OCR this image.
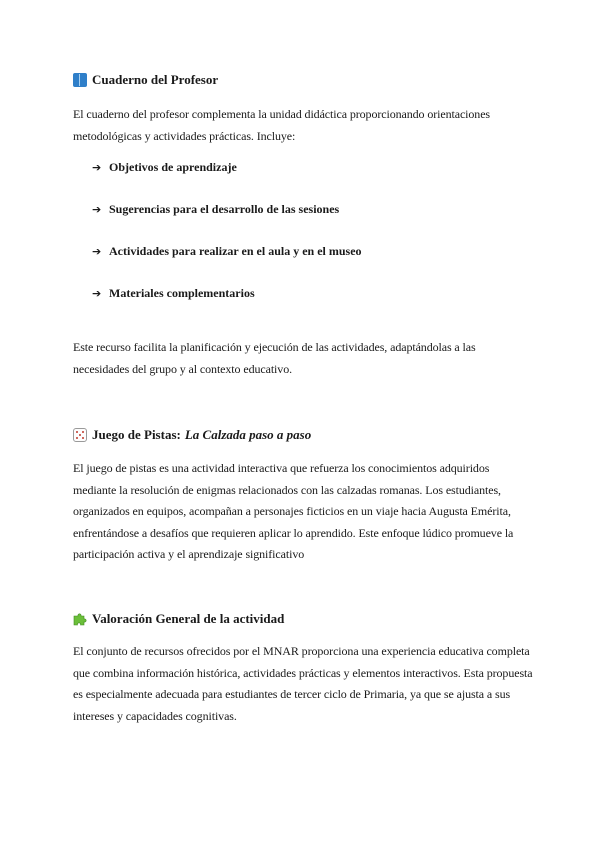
Cuaderno del Profesor

El cuaderno del profesor complementa la unidad didáctica proporcionando orientaciones metodológicas y actividades prácticas. Incluye:

➔ Objetivos de aprendizaje
➔ Sugerencias para el desarrollo de las sesiones
➔ Actividades para realizar en el aula y en el museo
➔ Materiales complementarios

Este recurso facilita la planificación y ejecución de las actividades, adaptándolas a las necesidades del grupo y al contexto educativo.

Juego de Pistas: La Calzada paso a paso

El juego de pistas es una actividad interactiva que refuerza los conocimientos adquiridos mediante la resolución de enigmas relacionados con las calzadas romanas. Los estudiantes, organizados en equipos, acompañan a personajes ficticios en un viaje hacia Augusta Emérita, enfrentándose a desafíos que requieren aplicar lo aprendido. Este enfoque lúdico promueve la participación activa y el aprendizaje significativo

Valoración General de la actividad

El conjunto de recursos ofrecidos por el MNAR proporciona una experiencia educativa completa que combina información histórica, actividades prácticas y elementos interactivos. Esta propuesta es especialmente adecuada para estudiantes de tercer ciclo de Primaria, ya que se ajusta a sus intereses y capacidades cognitivas.
